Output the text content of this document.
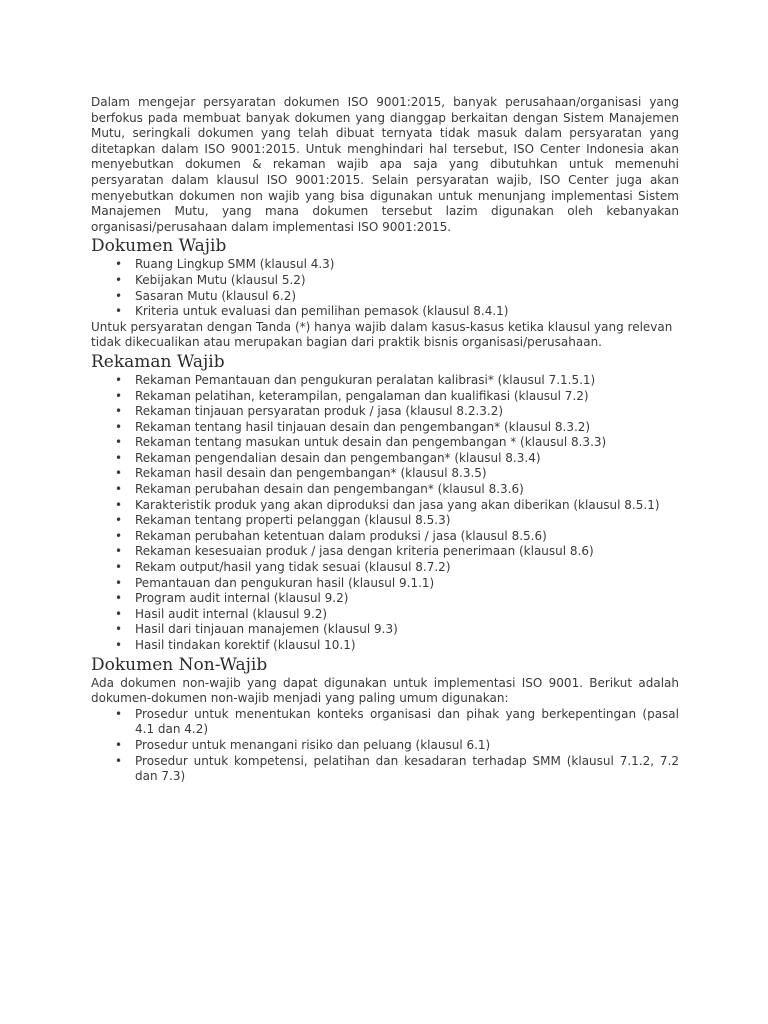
Dalam mengejar persyaratan dokumen ISO 9001:2015, banyak perusahaan/organisasi yang berfokus pada membuat banyak dokumen yang dianggap berkaitan dengan Sistem Manajemen Mutu, seringkali dokumen yang telah dibuat ternyata tidak masuk dalam persyaratan yang ditetapkan dalam ISO 9001:2015. Untuk menghindari hal tersebut, ISO Center Indonesia akan menyebutkan dokumen & rekaman wajib apa saja yang dibutuhkan untuk memenuhi persyaratan dalam klausul ISO 9001:2015. Selain persyaratan wajib, ISO Center juga akan menyebutkan dokumen non wajib yang bisa digunakan untuk menunjang implementasi Sistem Manajemen Mutu, yang mana dokumen tersebut lazim digunakan oleh kebanyakan organisasi/perusahaan dalam implementasi ISO 9001:2015.

Dokumen Wajib
• Ruang Lingkup SMM (klausul 4.3)
• Kebijakan Mutu (klausul 5.2)
• Sasaran Mutu (klausul 6.2)
• Kriteria untuk evaluasi dan pemilihan pemasok (klausul 8.4.1)

Untuk persyaratan dengan Tanda (*) hanya wajib dalam kasus-kasus ketika klausul yang relevan tidak dikecualikan atau merupakan bagian dari praktik bisnis organisasi/perusahaan.

Rekaman Wajib
• Rekaman Pemantauan dan pengukuran peralatan kalibrasi* (klausul 7.1.5.1)
• Rekaman pelatihan, keterampilan, pengalaman dan kualifikasi (klausul 7.2)
• Rekaman tinjauan persyaratan produk / jasa (klausul 8.2.3.2)
• Rekaman tentang hasil tinjauan desain dan pengembangan* (klausul 8.3.2)
• Rekaman tentang masukan untuk desain dan pengembangan * (klausul 8.3.3)
• Rekaman pengendalian desain dan pengembangan* (klausul 8.3.4)
• Rekaman hasil desain dan pengembangan* (klausul 8.3.5)
• Rekaman perubahan desain dan pengembangan* (klausul 8.3.6)
• Karakteristik produk yang akan diproduksi dan jasa yang akan diberikan (klausul 8.5.1)
• Rekaman tentang properti pelanggan (klausul 8.5.3)
• Rekaman perubahan ketentuan dalam produksi / jasa (klausul 8.5.6)
• Rekaman kesesuaian produk / jasa dengan kriteria penerimaan (klausul 8.6)
• Rekam output/hasil yang tidak sesuai (klausul 8.7.2)
• Pemantauan dan pengukuran hasil (klausul 9.1.1)
• Program audit internal (klausul 9.2)
• Hasil audit internal (klausul 9.2)
• Hasil dari tinjauan manajemen (klausul 9.3)
• Hasil tindakan korektif (klausul 10.1)
Dokumen Non-Wajib

Ada dokumen non-wajib yang dapat digunakan untuk implementasi ISO 9001. Berikut adalah dokumen-dokumen non-wajib menjadi yang paling umum digunakan:

• Prosedur untuk menentukan konteks organisasi dan pihak yang berkepentingan (pasal 4.1 dan 4.2)
• Prosedur untuk menangani risiko dan peluang (klausul 6.1)
• Prosedur untuk kompetensi, pelatihan dan kesadaran terhadap SMM (klausul 7.1.2, 7.2 dan 7.3)
